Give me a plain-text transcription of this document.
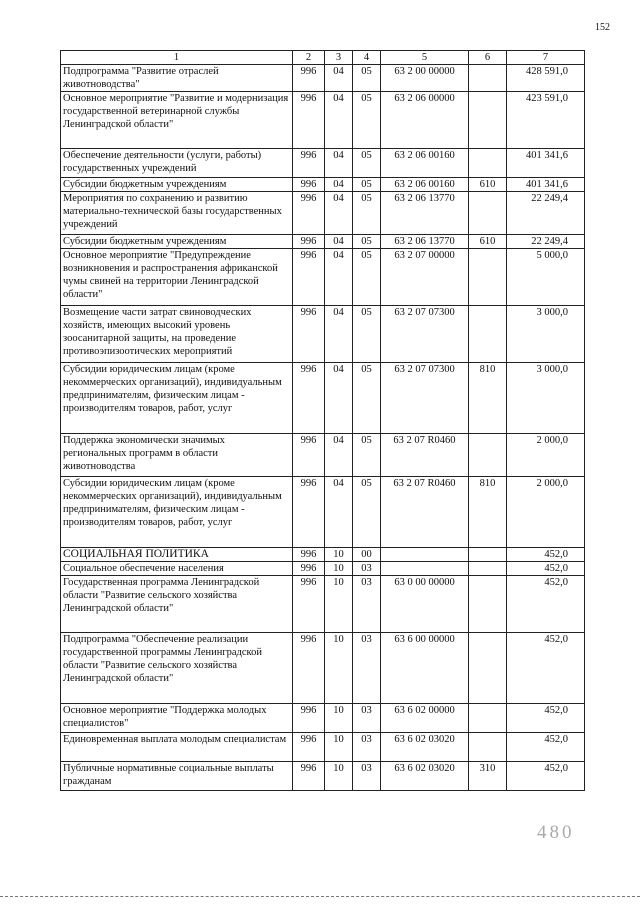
152
1	2	3	4	5	6	7
Подпрограмма "Развитие отраслей животноводства"	996	04	05	63 2 00 00000		428 591,0
Основное мероприятие "Развитие и модернизация государственной ветеринарной службы Ленинградской области"	996	04	05	63 2 06 00000		423 591,0
Обеспечение деятельности (услуги, работы) государственных учреждений	996	04	05	63 2 06 00160		401 341,6
Субсидии бюджетным учреждениям	996	04	05	63 2 06 00160	610	401 341,6
Мероприятия по сохранению и развитию материально-технической базы государственных учреждений	996	04	05	63 2 06 13770		22 249,4
Субсидии бюджетным учреждениям	996	04	05	63 2 06 13770	610	22 249,4
Основное мероприятие "Предупреждение возникновения и распространения африканской чумы свиней на территории Ленинградской области"	996	04	05	63 2 07 00000		5 000,0
Возмещение части затрат свиноводческих хозяйств, имеющих высокий уровень зоосанитарной защиты, на проведение противоэпизоотических мероприятий	996	04	05	63 2 07 07300		3 000,0
Субсидии юридическим лицам (кроме некоммерческих организаций), индивидуальным предпринимателям, физическим лицам - производителям товаров, работ, услуг	996	04	05	63 2 07 07300	810	3 000,0
Поддержка экономически значимых региональных программ в области животноводства	996	04	05	63 2 07 R0460		2 000,0
Субсидии юридическим лицам (кроме некоммерческих организаций), индивидуальным предпринимателям, физическим лицам - производителям товаров, работ, услуг	996	04	05	63 2 07 R0460	810	2 000,0
СОЦИАЛЬНАЯ ПОЛИТИКА	996	10	00			452,0
Социальное обеспечение населения	996	10	03			452,0
Государственная программа Ленинградской области "Развитие сельского хозяйства Ленинградской области"	996	10	03	63 0 00 00000		452,0
Подпрограмма "Обеспечение реализации государственной программы Ленинградской области "Развитие сельского хозяйства Ленинградской области"	996	10	03	63 6 00 00000		452,0
Основное мероприятие "Поддержка молодых специалистов"	996	10	03	63 6 02 00000		452,0
Единовременная выплата молодым специалистам	996	10	03	63 6 02 03020		452,0
Публичные нормативные социальные выплаты гражданам	996	10	03	63 6 02 03020	310	452,0
480
